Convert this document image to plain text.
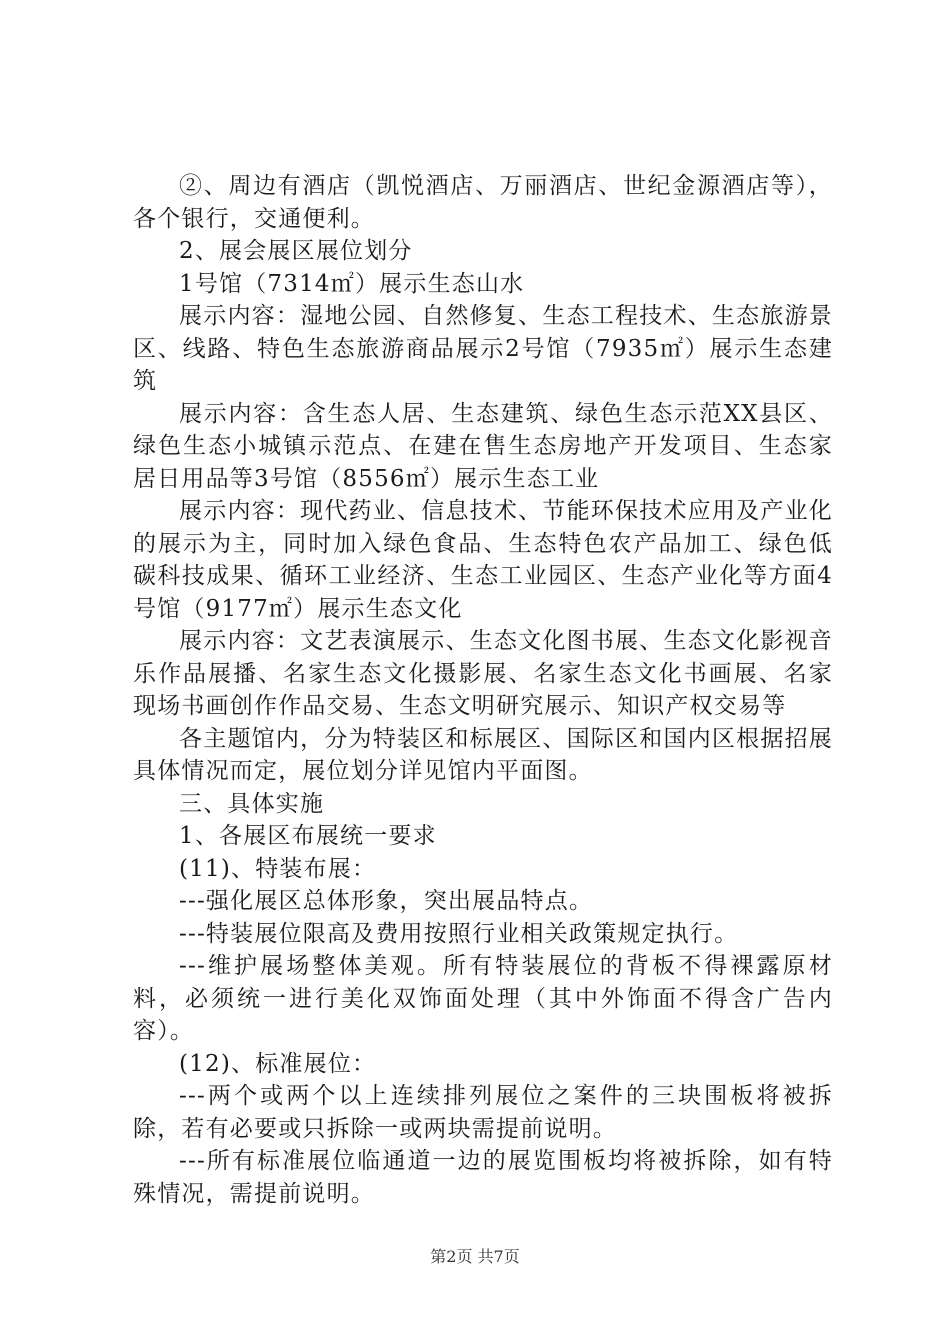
②、周边有酒店（凯悦酒店、万丽酒店、世纪金源酒店等），各个银行，交通便利。

2、展会展区展位划分

1号馆（7314㎡）展示生态山水

展示内容：湿地公园、自然修复、生态工程技术、生态旅游景区、线路、特色生态旅游商品展示2号馆（7935㎡）展示生态建筑

展示内容：含生态人居、生态建筑、绿色生态示范XX县区、绿色生态小城镇示范点、在建在售生态房地产开发项目、生态家居日用品等3号馆（8556㎡）展示生态工业

展示内容：现代药业、信息技术、节能环保技术应用及产业化的展示为主，同时加入绿色食品、生态特色农产品加工、绿色低碳科技成果、循环工业经济、生态工业园区、生态产业化等方面4号馆（9177㎡）展示生态文化

展示内容：文艺表演展示、生态文化图书展、生态文化影视音乐作品展播、名家生态文化摄影展、名家生态文化书画展、名家现场书画创作作品交易、生态文明研究展示、知识产权交易等

各主题馆内，分为特装区和标展区、国际区和国内区根据招展具体情况而定，展位划分详见馆内平面图。

三、具体实施

1、各展区布展统一要求

(11)、特装布展：

---强化展区总体形象，突出展品特点。

---特装展位限高及费用按照行业相关政策规定执行。

---维护展场整体美观。所有特装展位的背板不得裸露原材料，必须统一进行美化双饰面处理（其中外饰面不得含广告内容）。

(12)、标准展位：

---两个或两个以上连续排列展位之案件的三块围板将被拆除，若有必要或只拆除一或两块需提前说明。

---所有标准展位临通道一边的展览围板均将被拆除，如有特殊情况，需提前说明。

第2页 共7页
